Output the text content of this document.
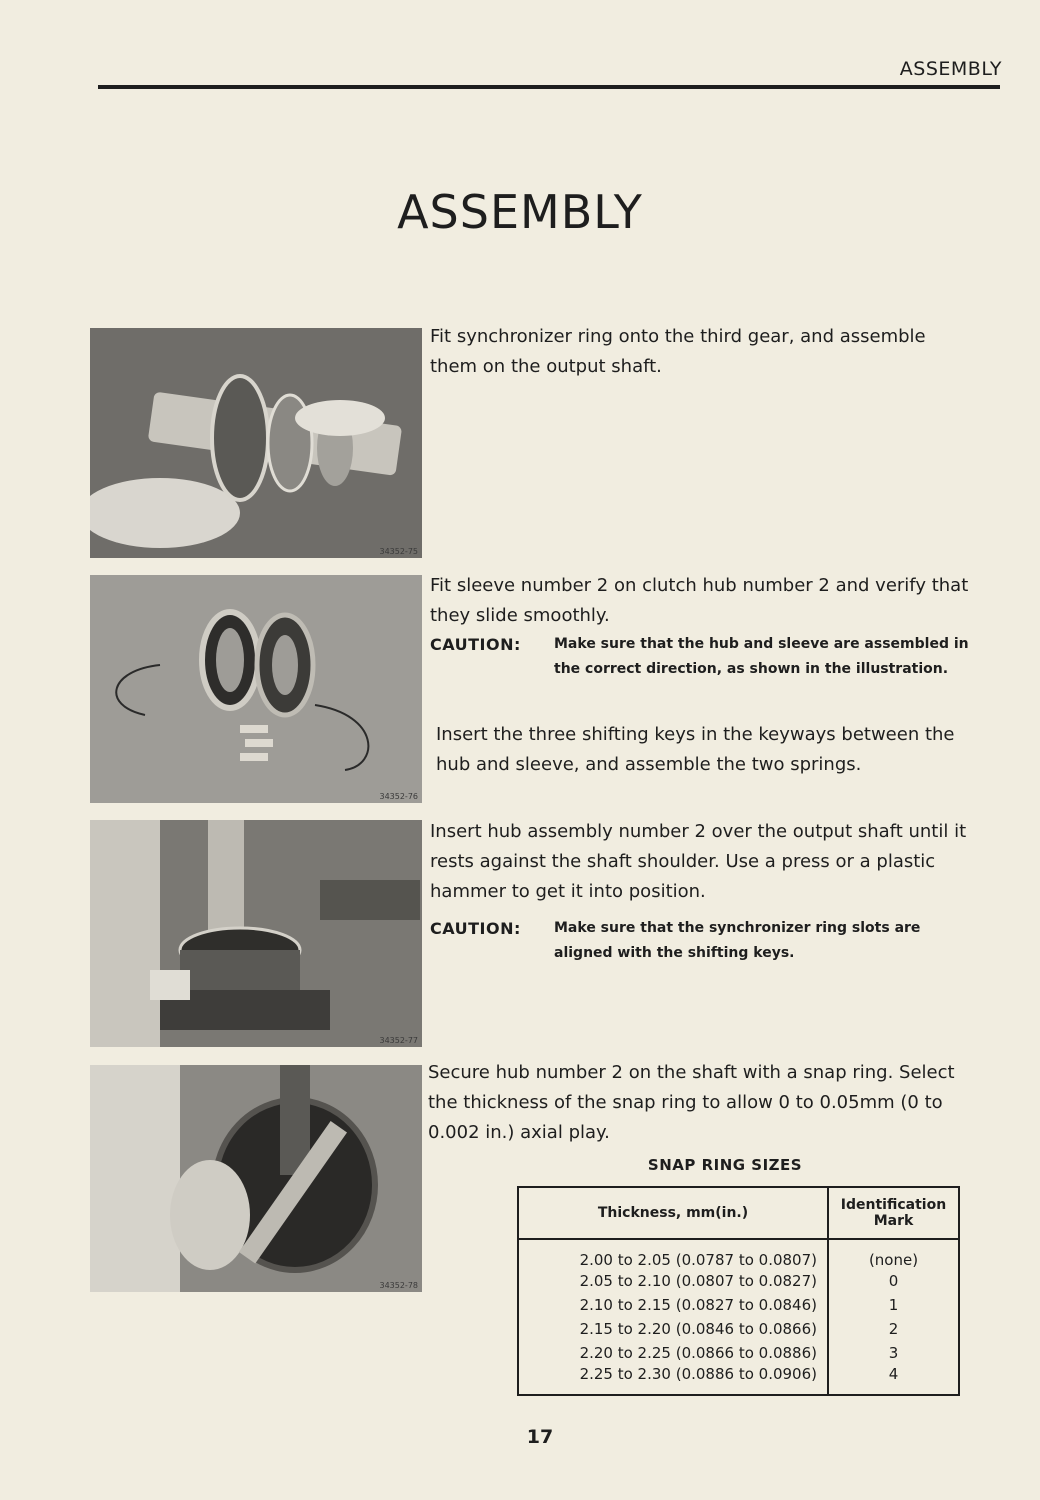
ASSEMBLY
ASSEMBLY
34352-75
34352-76
34352-77
34352-78
Fit synchronizer ring onto the third gear, and assemble them on the output shaft.
Fit sleeve number 2 on clutch hub number 2 and verify that they slide smoothly.
CAUTION:	Make sure that the hub and sleeve are assembled in the correct direction, as shown in the illustration.
Insert the three shifting keys in the keyways between the hub and sleeve, and assemble the two springs.
Insert hub assembly number 2 over the output shaft until it rests against the shaft shoulder. Use a press or a plastic hammer to get it into position.
CAUTION:	Make sure that the synchronizer ring slots are aligned with the shifting keys.
Secure hub number 2 on the shaft with a snap ring. Select the thickness of the snap ring to allow 0 to 0.05mm (0 to 0.002 in.) axial play.
SNAP RING SIZES
Thickness, mm(in.)	Identification Mark
2.00 to 2.05 (0.0787 to 0.0807)	(none)
2.05 to 2.10 (0.0807 to 0.0827)	0
2.10 to 2.15 (0.0827 to 0.0846)	1
2.15 to 2.20 (0.0846 to 0.0866)	2
2.20 to 2.25 (0.0866 to 0.0886)	3
2.25 to 2.30 (0.0886 to 0.0906)	4
17
